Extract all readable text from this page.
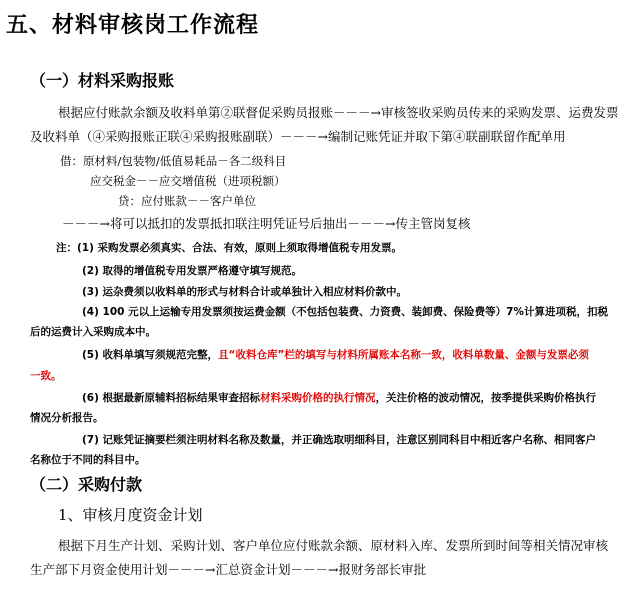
五、材料审核岗工作流程
（一）材料采购报账
根据应付账款余额及收料单第②联督促采购员报账－－－→审核签收采购员传来的采购发票、运费发票
及收料单（④采购报账正联④采购报账副联）－－－→编制记账凭证并取下第④联副联留作配单用
借：原材料/包装物/低值易耗品－各二级科目
应交税金－－应交增值税（进项税额）
贷：应付账款－－客户单位
－－－→将可以抵扣的发票抵扣联注明凭证号后抽出－－－→传主管岗复核
注：(1) 采购发票必须真实、合法、有效，原则上须取得增值税专用发票。
(2) 取得的增值税专用发票严格遵守填写规范。
(3) 运杂费须以收料单的形式与材料合计或单独计入相应材料价款中。
(4) 100 元以上运输专用发票须按运费金额（不包括包装费、力资费、装卸费、保险费等）7%计算进项税，扣税
后的运费计入采购成本中。
(5) 收料单填写须规范完整，且“收料仓库”栏的填写与材料所属账本名称一致，收料单数量、金额与发票必须
一致。
(6) 根据最新原辅料招标结果审查招标材料采购价格的执行情况，关注价格的波动情况，按季提供采购价格执行
情况分析报告。
(7) 记账凭证摘要栏须注明材料名称及数量，并正确选取明细科目，注意区别同科目中相近客户名称、相同客户
名称位于不同的科目中。
（二）采购付款
1、审核月度资金计划
根据下月生产计划、采购计划、客户单位应付账款余额、原材料入库、发票所到时间等相关情况审核
生产部下月资金使用计划－－－→汇总资金计划－－－→报财务部长审批
